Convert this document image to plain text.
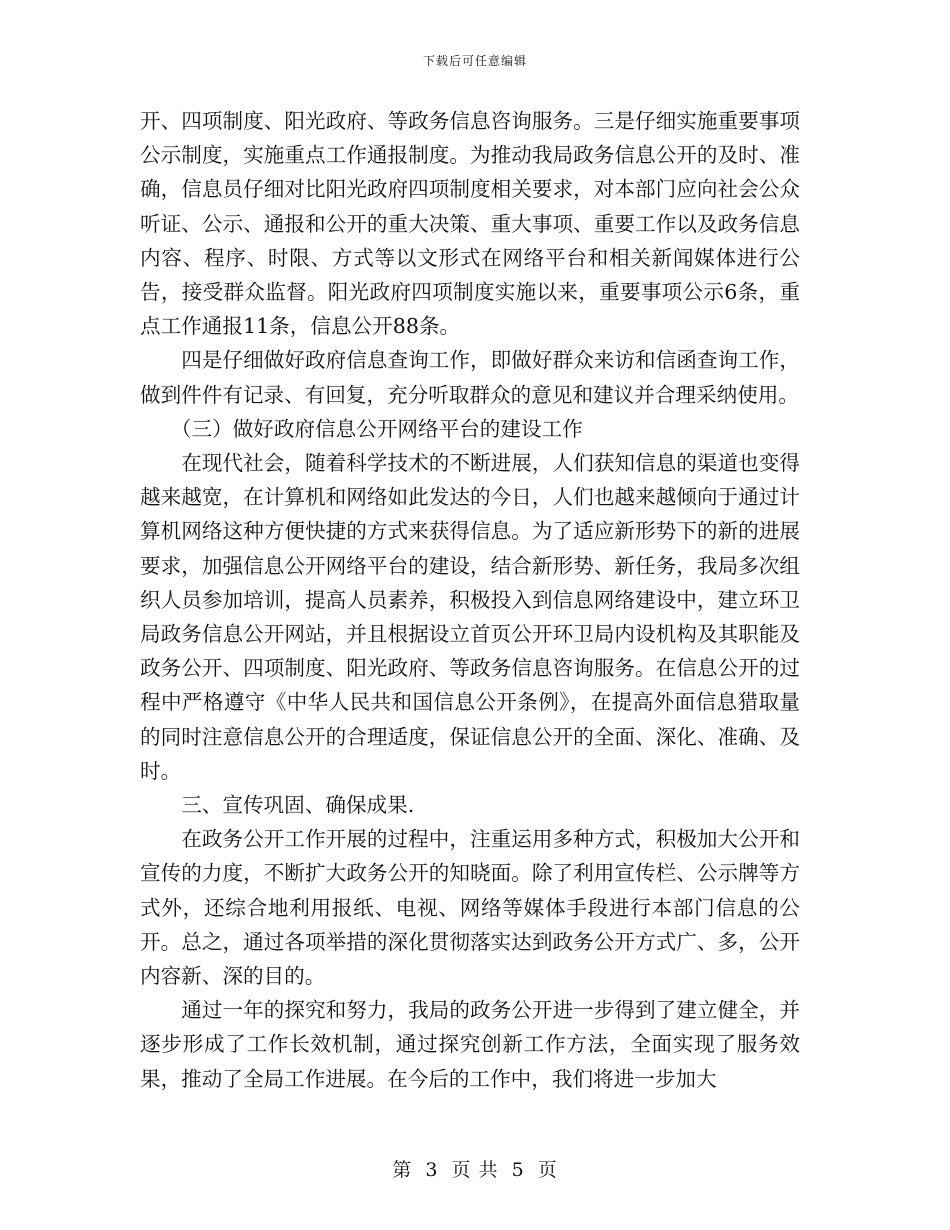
下载后可任意编辑

开、四项制度、阳光政府、等政务信息咨询服务。三是仔细实施重要事项公示制度，实施重点工作通报制度。为推动我局政务信息公开的及时、准确，信息员仔细对比阳光政府四项制度相关要求，对本部门应向社会公众听证、公示、通报和公开的重大决策、重大事项、重要工作以及政务信息内容、程序、时限、方式等以文形式在网络平台和相关新闻媒体进行公告，接受群众监督。阳光政府四项制度实施以来，重要事项公示6条，重点工作通报11条，信息公开88条。

四是仔细做好政府信息查询工作，即做好群众来访和信函查询工作，做到件件有记录、有回复，充分听取群众的意见和建议并合理采纳使用。

（三）做好政府信息公开网络平台的建设工作

在现代社会，随着科学技术的不断进展，人们获知信息的渠道也变得越来越宽，在计算机和网络如此发达的今日，人们也越来越倾向于通过计算机网络这种方便快捷的方式来获得信息。为了适应新形势下的新的进展要求，加强信息公开网络平台的建设，结合新形势、新任务，我局多次组织人员参加培训，提高人员素养，积极投入到信息网络建设中，建立环卫局政务信息公开网站，并且根据设立首页公开环卫局内设机构及其职能及政务公开、四项制度、阳光政府、等政务信息咨询服务。在信息公开的过程中严格遵守《中华人民共和国信息公开条例》，在提高外面信息猎取量的同时注意信息公开的合理适度，保证信息公开的全面、深化、准确、及时。

三、宣传巩固、确保成果.

在政务公开工作开展的过程中，注重运用多种方式，积极加大公开和宣传的力度，不断扩大政务公开的知晓面。除了利用宣传栏、公示牌等方式外，还综合地利用报纸、电视、网络等媒体手段进行本部门信息的公开。总之，通过各项举措的深化贯彻落实达到政务公开方式广、多，公开内容新、深的目的。

通过一年的探究和努力，我局的政务公开进一步得到了建立健全，并逐步形成了工作长效机制，通过探究创新工作方法，全面实现了服务效果，推动了全局工作进展。在今后的工作中，我们将进一步加大

第 3 页 共 5 页
